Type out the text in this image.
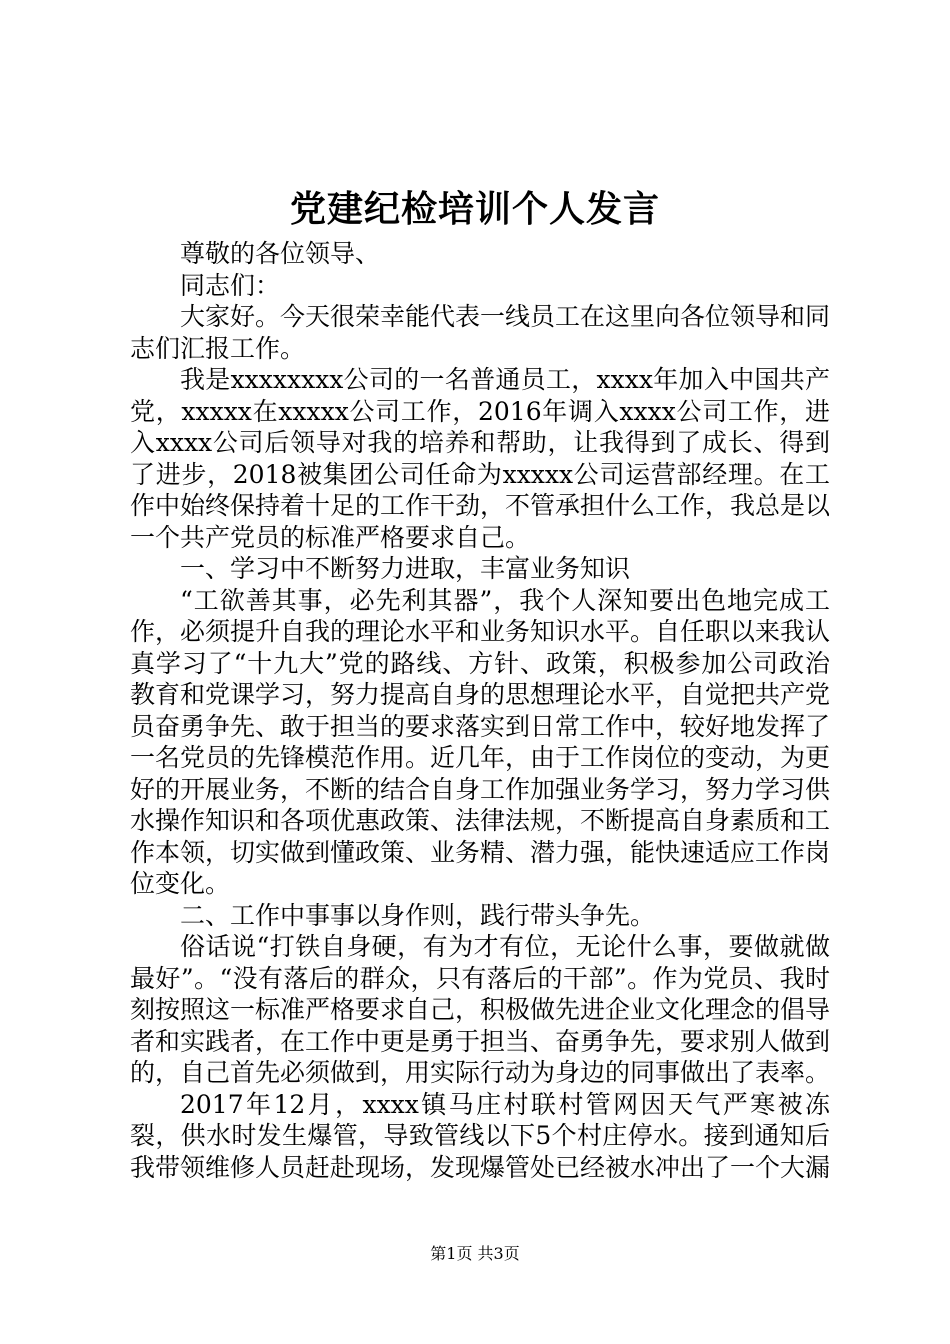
党建纪检培训个人发言

尊敬的各位领导、

同志们：

大家好。今天很荣幸能代表一线员工在这里向各位领导和同志们汇报工作。

我是xxxxxxxx公司的一名普通员工，xxxx年加入中国共产党，xxxxx在xxxxx公司工作，2016年调入xxxx公司工作，进入xxxx公司后领导对我的培养和帮助，让我得到了成长、得到了进步，2018被集团公司任命为xxxxx公司运营部经理。在工作中始终保持着十足的工作干劲，不管承担什么工作，我总是以一个共产党员的标准严格要求自己。

一、学习中不断努力进取，丰富业务知识

“工欲善其事，必先利其器”，我个人深知要出色地完成工作，必须提升自我的理论水平和业务知识水平。自任职以来我认真学习了“十九大”党的路线、方针、政策，积极参加公司政治教育和党课学习，努力提高自身的思想理论水平，自觉把共产党员奋勇争先、敢于担当的要求落实到日常工作中，较好地发挥了一名党员的先锋模范作用。近几年，由于工作岗位的变动，为更好的开展业务，不断的结合自身工作加强业务学习，努力学习供水操作知识和各项优惠政策、法律法规，不断提高自身素质和工作本领，切实做到懂政策、业务精、潜力强，能快速适应工作岗位变化。

二、工作中事事以身作则，践行带头争先。

俗话说“打铁自身硬，有为才有位，无论什么事，要做就做最好”。“没有落后的群众，只有落后的干部”。作为党员、我时刻按照这一标准严格要求自己，积极做先进企业文化理念的倡导者和实践者，在工作中更是勇于担当、奋勇争先，要求别人做到的，自己首先必须做到，用实际行动为身边的同事做出了表率。

2017年12月，xxxx镇马庄村联村管网因天气严寒被冻裂，供水时发生爆管，导致管线以下5个村庄停水。接到通知后我带领维修人员赶赴现场，发现爆管处已经被水冲出了一个大漏

第1页 共3页
